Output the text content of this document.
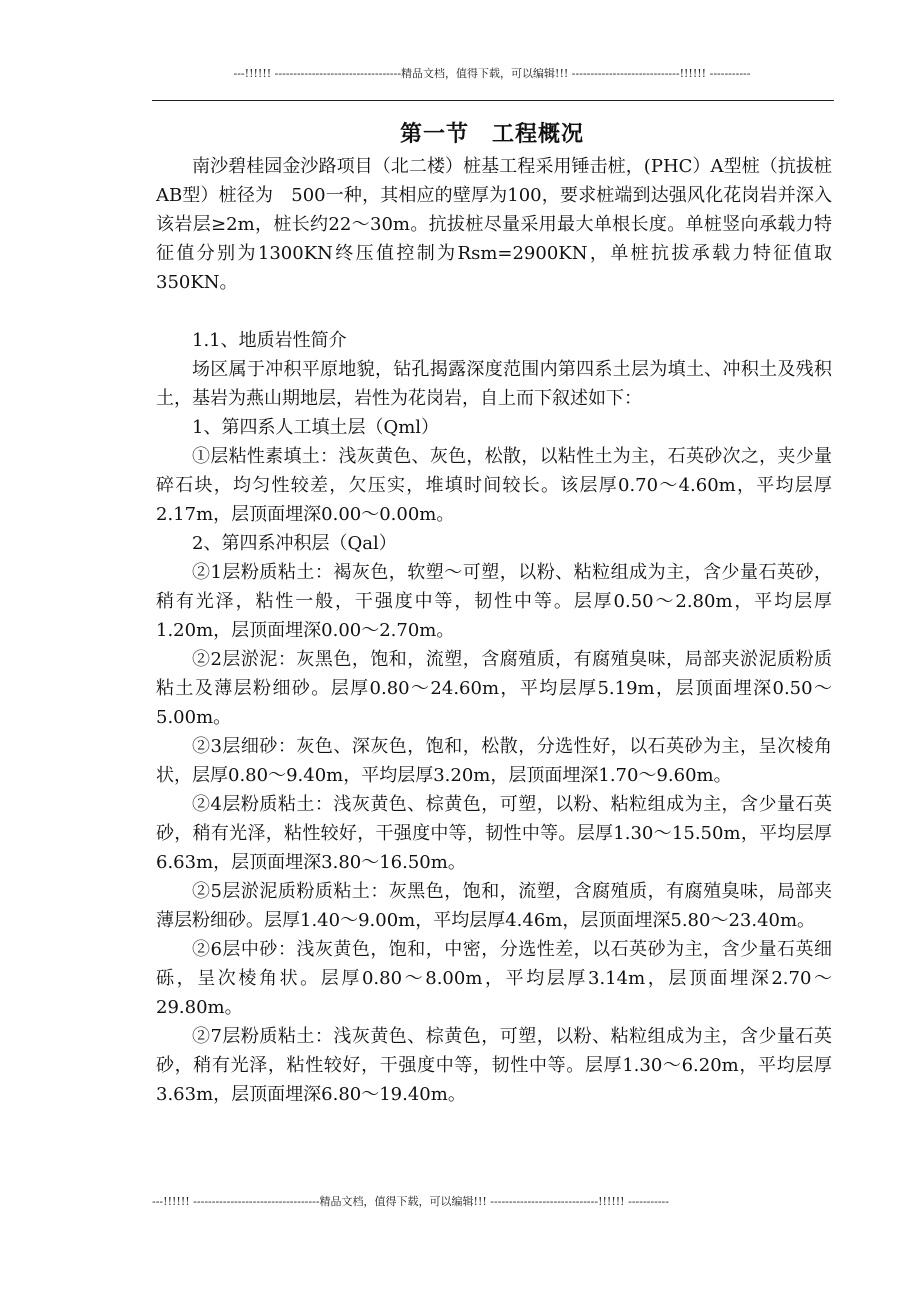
---!!!!!! ----------------------------------精品文档，值得下载，可以编辑!!! -----------------------------!!!!!! -----------
第一节　工程概况

南沙碧桂园金沙路项目（北二楼）桩基工程采用锤击桩，(PHC）A型桩（抗拔桩AB型）桩径为　500一种，其相应的壁厚为100，要求桩端到达强风化花岗岩并深入该岩层≥2m，桩长约22～30m。抗拔桩尽量采用最大单根长度。单桩竖向承载力特征值分别为1300KN终压值控制为Rsm=2900KN，单桩抗拔承载力特征值取350KN。

1.1、地质岩性简介

场区属于冲积平原地貌，钻孔揭露深度范围内第四系土层为填土、冲积土及残积土，基岩为燕山期地层，岩性为花岗岩，自上而下叙述如下：

1、第四系人工填土层（Qml）

①层粘性素填土：浅灰黄色、灰色，松散，以粘性土为主，石英砂次之，夹少量碎石块，均匀性较差，欠压实，堆填时间较长。该层厚0.70～4.60m，平均层厚2.17m，层顶面埋深0.00～0.00m。

2、第四系冲积层（Qal）

②1层粉质粘土：褐灰色，软塑～可塑，以粉、粘粒组成为主，含少量石英砂，稍有光泽，粘性一般，干强度中等，韧性中等。层厚0.50～2.80m，平均层厚1.20m，层顶面埋深0.00～2.70m。

②2层淤泥：灰黑色，饱和，流塑，含腐殖质，有腐殖臭味，局部夹淤泥质粉质粘土及薄层粉细砂。层厚0.80～24.60m，平均层厚5.19m，层顶面埋深0.50～5.00m。

②3层细砂：灰色、深灰色，饱和，松散，分选性好，以石英砂为主，呈次棱角状，层厚0.80～9.40m，平均层厚3.20m，层顶面埋深1.70～9.60m。

②4层粉质粘土：浅灰黄色、棕黄色，可塑，以粉、粘粒组成为主，含少量石英砂，稍有光泽，粘性较好，干强度中等，韧性中等。层厚1.30～15.50m，平均层厚6.63m，层顶面埋深3.80～16.50m。

②5层淤泥质粉质粘土：灰黑色，饱和，流塑，含腐殖质，有腐殖臭味，局部夹薄层粉细砂。层厚1.40～9.00m，平均层厚4.46m，层顶面埋深5.80～23.40m。

②6层中砂：浅灰黄色，饱和，中密，分选性差，以石英砂为主，含少量石英细砾，呈次棱角状。层厚0.80～8.00m，平均层厚3.14m，层顶面埋深2.70～29.80m。

②7层粉质粘土：浅灰黄色、棕黄色，可塑，以粉、粘粒组成为主，含少量石英砂，稍有光泽，粘性较好，干强度中等，韧性中等。层厚1.30～6.20m，平均层厚3.63m，层顶面埋深6.80～19.40m。

---!!!!!! ----------------------------------精品文档，值得下载，可以编辑!!! -----------------------------!!!!!! -----------
